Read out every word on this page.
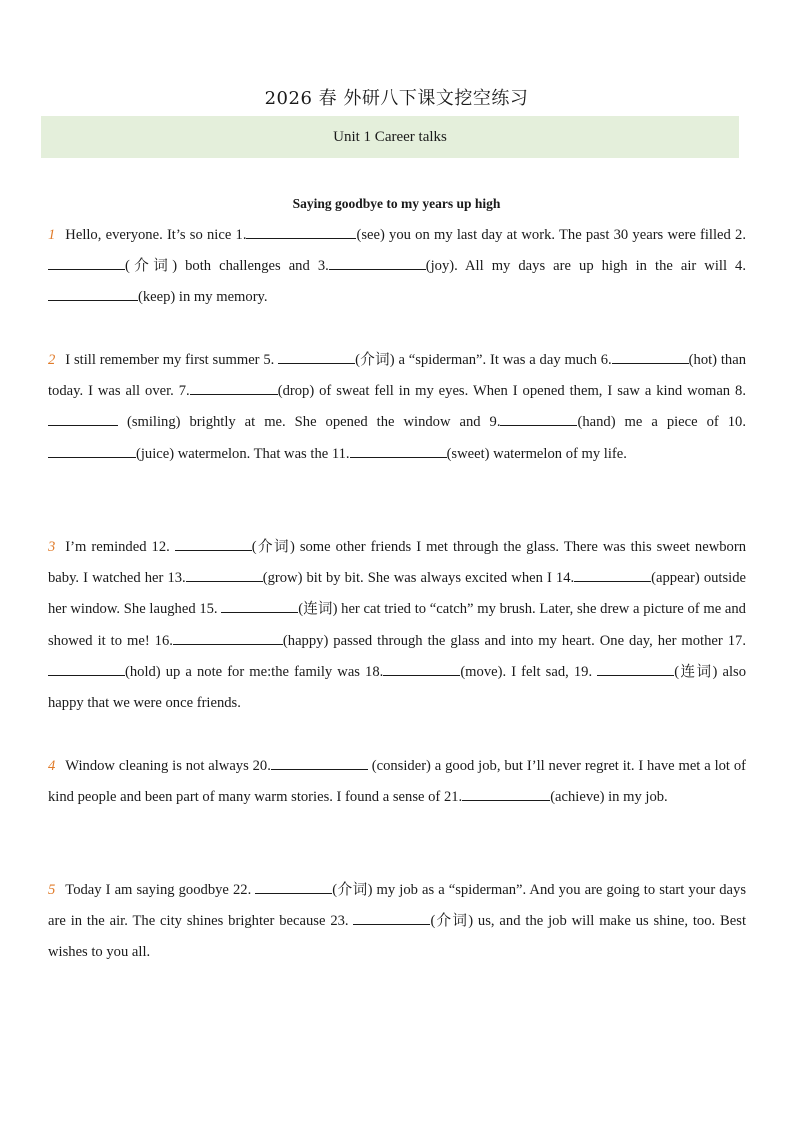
2026 春 外研八下课文挖空练习
Unit 1 Career talks
Saying goodbye to my years up high

1 Hello, everyone. It’s so nice 1.	(see) you on my last day at work. The past 30 years were filled 2.(介词) both challenges and 3.	(joy). All my days are up high in the air will 4.(keep) in my memory.

2 I still remember my first summer 5.	(介词) a “spiderman”. It was a day much 6.	(hot) than today. I was all over. 7.	(drop) of sweat fell in my eyes. When I opened them, I saw a kind woman 8. (smiling) brightly at me. She opened the window and 9.	(hand) me a piece of 10.(juice) watermelon. That was the 11.	(sweet) watermelon of my life.

3 I’m reminded 12.	(介词) some other friends I met through the glass. There was this sweet newborn baby. I watched her 13.	(grow) bit by bit. She was always excited when I 14.	(appear) outside her window. She laughed 15.	(连词) her cat tried to “catch” my brush. Later, she drew a picture of me and showed it to me! 16.	(happy) passed through the glass and into my heart. One day, her mother 17.(hold) up a note for me:the family was 18.	(move). I felt sad, 19.	(连词) also happy that we were once friends.

4 Window cleaning is not always 20.	(consider) a good job, but I’ll never regret it. I have met a lot of kind people and been part of many warm stories. I found a sense of 21.	(achieve) in my job.

5 Today I am saying goodbye 22.	(介词) my job as a “spiderman”. And you are going to start your days are in the air. The city shines brighter because 23.	(介词) us, and the job will make us shine, too. Best wishes to you all.
